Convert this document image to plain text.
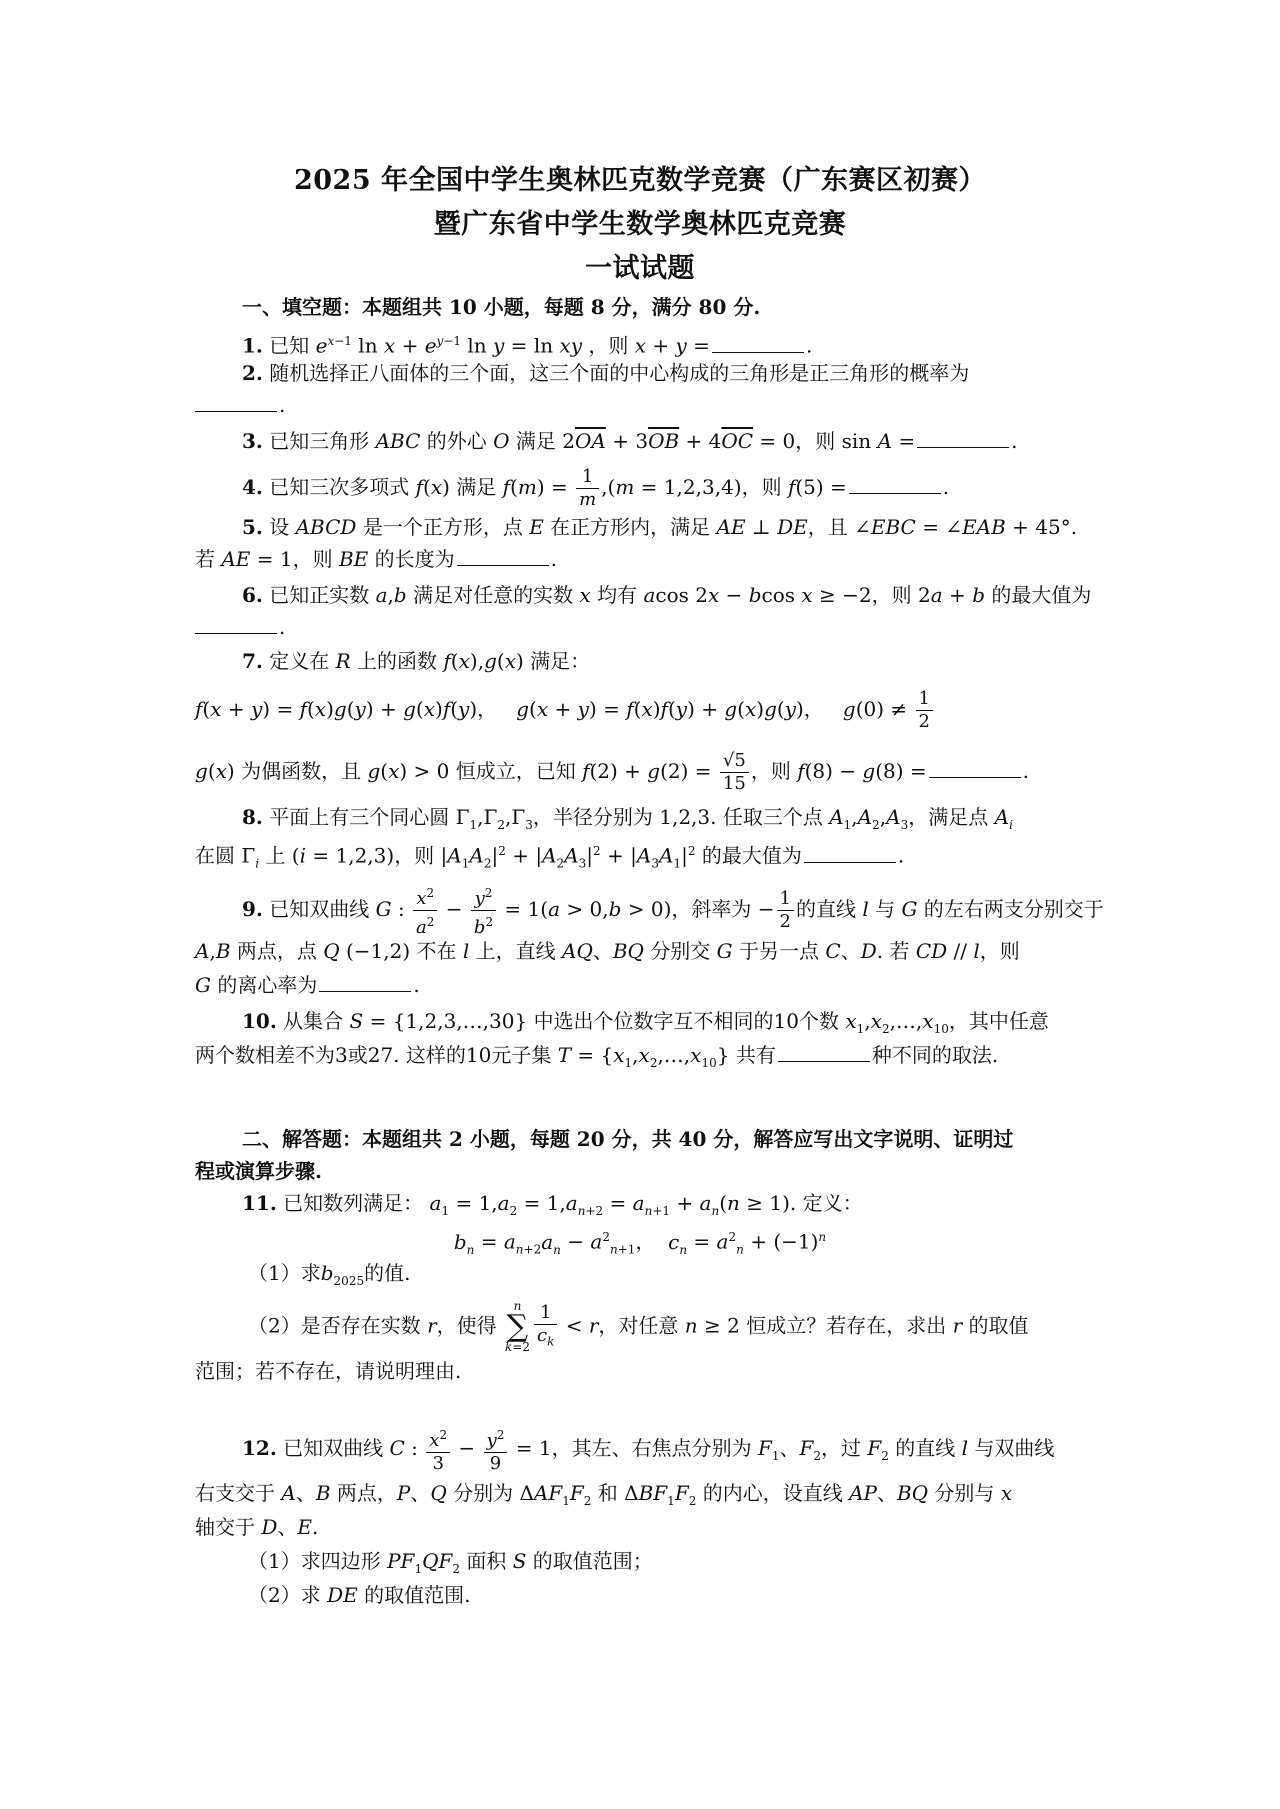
2025 年全国中学生奥林匹克数学竞赛（广东赛区初赛）
暨广东省中学生数学奥林匹克竞赛
一试试题
一、填空题：本题组共 10 小题，每题 8 分，满分 80 分.
1. 已知 $e^{x-1}$ $\ln x + e^{y-1}$ ln y = ln xy ，则 x + y =	.
2. 随机选择正八面体的三个面，这三个面的中心构成的三角形是正三角形的概率为
.
3. 已知三角形 ABC 的外心 O 满足 $2\overline{OA} + 3\overline{OB} + 4\overline{OC} = 0$，则 sin A =	.
4. 已知三次多项式 f(x) 满足 $f(m) = \frac{1}{m} ,(m = 1,2,3,4)$，则 f(5) =	.
5. 设 ABCD 是一个正方形，点 E 在正方形内，满足 AE ⊥ DE，且 ∠EBC = ∠EAB + 45°.
若 AE = 1，则 BE 的长度为	.
6. 已知正实数 a,b 满足对任意的实数 x 均有 acos 2x − bcos x ≥ −2，则 2a + b 的最大值为
.
7. 定义在 R 上的函数 f(x),g(x) 满足：
f(x + y) = f(x)g(y) + g(x)f(y)，   g(x + y) = f(x)f(y) + g(x)g(y)，   $g(0) \ne \frac{1}{2}$
g(x) 为偶函数，且 g(x) > 0 恒成立，已知 $f(2) + g(2) = \frac{√5}{15}$ ，则 f(8) − g(8) =	.
8. 平面上有三个同心圆 $\Gamma_1,\Gamma_2,\Gamma_3$，半径分别为 1,2,3. 任取三个点 $A_1,A_2,A_3$，满足点 $A_i$
在圆 $\Gamma_i$ 上 (i = 1,2,3)，则 $|A_1A_2|^2 + |A_2A_3|^2 + |A_3A_1|^2$ 的最大值为	.
9. 已知双曲线 G : $\frac{x^2}{a^2} - \frac{y^2}{b^2} = 1(a > 0,b > 0)$，斜率为 − $\frac{1}{2}$ 的直线 l 与 G 的左右两支分别交于
A,B 两点，点 Q (−1,2) 不在 l 上，直线 AQ、BQ 分别交 G 于另一点 C、D. 若 CD // l，则
G 的离心率为	.
10. 从集合 S = {1,2,3,…,30} 中选出个位数字互不相同的10个数 $x_1,x_2,\dots,x_{10}$，其中任意
两个数相差不为3或27. 这样的10元子集 $T = \{x_1,x_2,\dots,x_{10}\}$ 共有	种不同的取法.
二、解答题：本题组共 2 小题，每题 20 分，共 40 分，解答应写出文字说明、证明过
程或演算步骤.
11. 已知数列满足： $a_1 = 1,a_2 = 1,a_{n+2} = a_{n+1} + a_n(n \ge 1)$. 定义：
$b_n = a_{n+2}a_n - a^2_{n+1}$，  $c_n = a^2_n + (-1)^n$
（1）求$b_{2025}$的值.
（2）是否存在实数 r，使得 n
∑
$k=2 \frac{1}{c_k} < r$，对任意 n ≥ 2 恒成立？若存在，求出 r 的取值
范围；若不存在，请说明理由.
12. 已知双曲线 C : $\frac{x^2}{3} - \frac{y^2}{9} = 1$，其左、右焦点分别为 $F_1$、$F_2$，过 $F_2$ 的直线 l 与双曲线
右支交于 A、B 两点，P、Q 分别为 $\Delta AF_1F_2$ 和 $\Delta BF_1F_2$ 的内心，设直线 AP、BQ 分别与 x
轴交于 D、E.
（1）求四边形 $PF_1QF_2$ 面积 S 的取值范围；
（2）求 DE 的取值范围.
